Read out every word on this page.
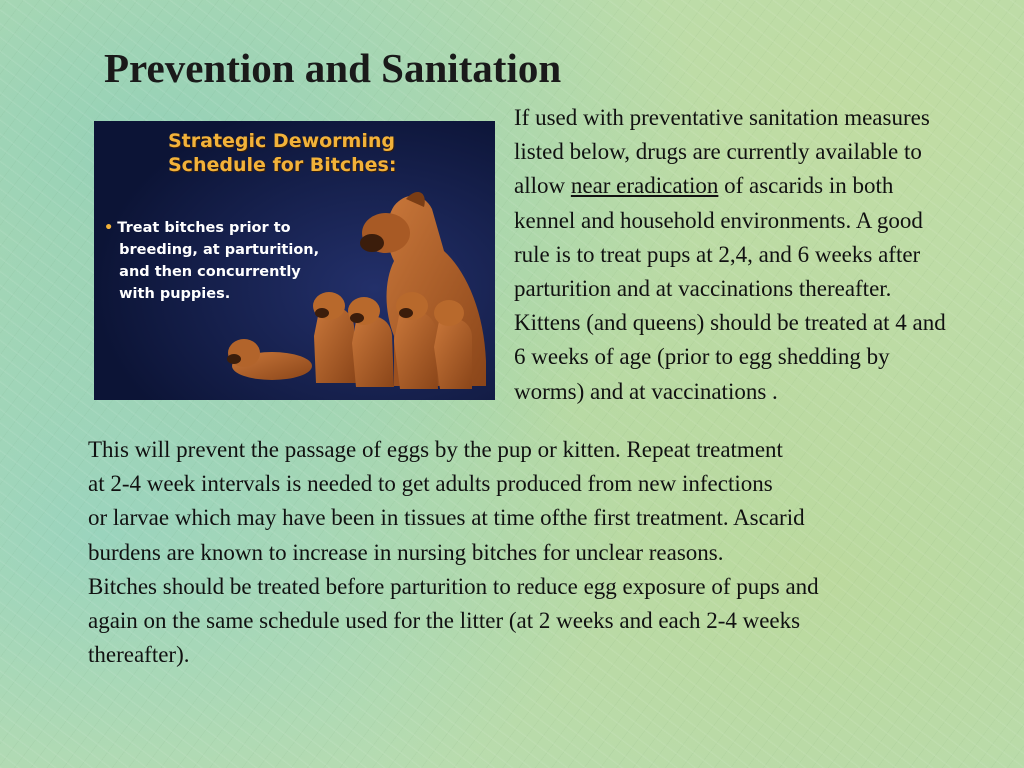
Prevention and Sanitation
Strategic Deworming
Schedule for Bitches:

• Treat bitches prior to
breeding, at parturition,
and then concurrently
with puppies.

If used with preventative sanitation measures
listed below, drugs are currently available to
allow near eradication of ascarids in both
kennel and household environments. A good
rule is to treat pups at 2,4, and 6 weeks after
parturition and at vaccinations thereafter.
Kittens (and queens) should be treated at 4 and
6 weeks of age (prior to egg shedding by
worms) and at vaccinations .

This will prevent the passage of eggs by the pup or kitten. Repeat treatment
at 2-4 week intervals is needed to get adults produced from new infections
or larvae which may have been in tissues at time ofthe first treatment. Ascarid
burdens are known to increase in nursing bitches for unclear reasons.
Bitches should be treated before parturition to reduce egg exposure of pups and
again on the same schedule used for the litter (at 2 weeks and each 2-4 weeks
thereafter).
